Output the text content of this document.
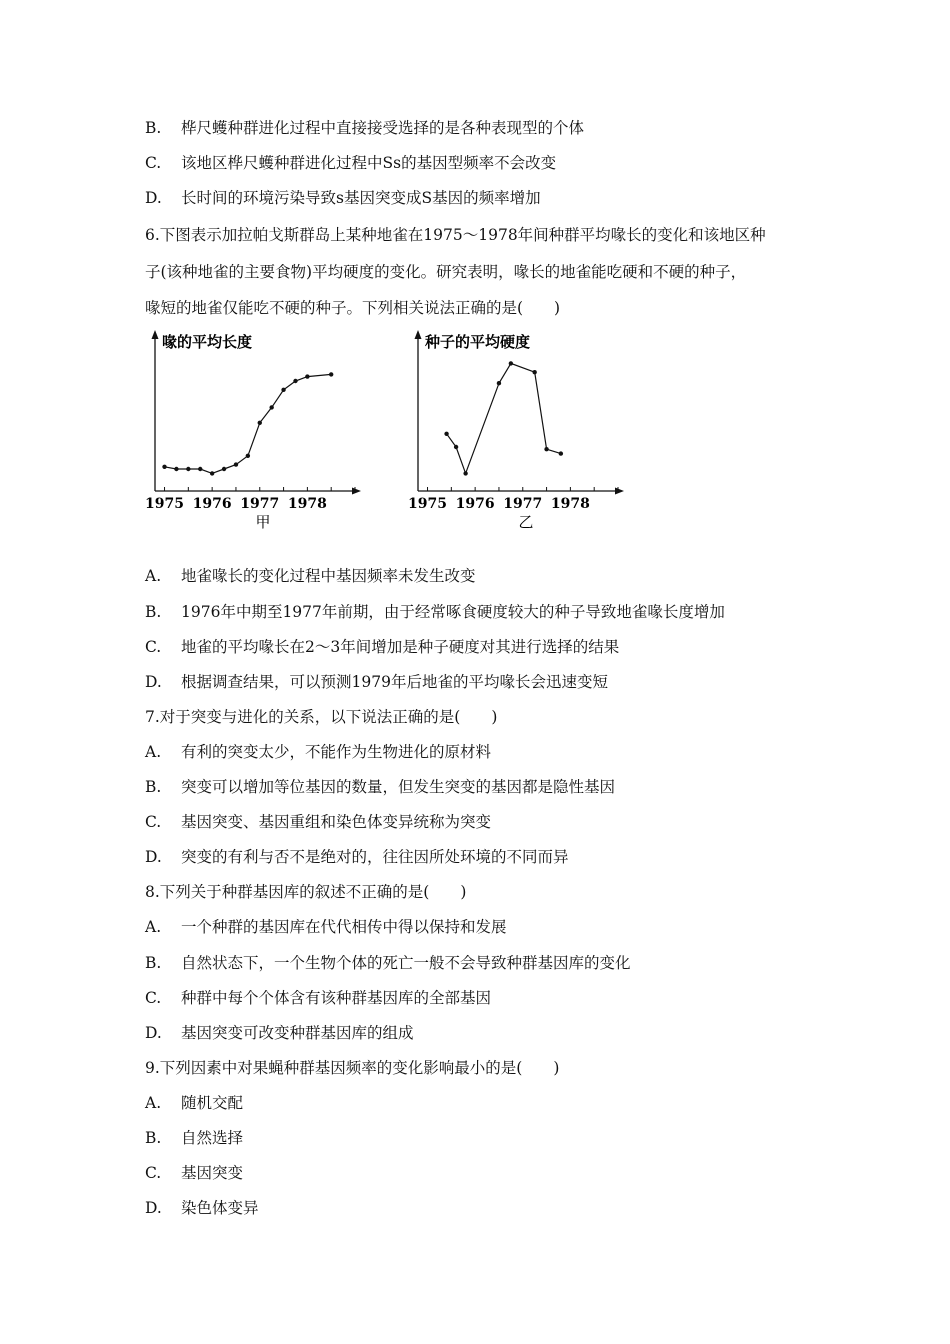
B. 桦尺蠖种群进化过程中直接接受选择的是各种表现型的个体
C. 该地区桦尺蠖种群进化过程中Ss的基因型频率不会改变
D. 长时间的环境污染导致s基因突变成S基因的频率增加
6.下图表示加拉帕戈斯群岛上某种地雀在1975～1978年间种群平均喙长的变化和该地区种
子(该种地雀的主要食物)平均硬度的变化。研究表明，喙长的地雀能吃硬和不硬的种子，
喙短的地雀仅能吃不硬的种子。下列相关说法正确的是(　　)
喙的平均长度
1975 1976 1977 1978
甲
种子的平均硬度
1975 1976 1977 1978
乙
A. 地雀喙长的变化过程中基因频率未发生改变
B. 1976年中期至1977年前期，由于经常啄食硬度较大的种子导致地雀喙长度增加
C. 地雀的平均喙长在2～3年间增加是种子硬度对其进行选择的结果
D. 根据调查结果，可以预测1979年后地雀的平均喙长会迅速变短
7.对于突变与进化的关系，以下说法正确的是(　　)
A. 有利的突变太少，不能作为生物进化的原材料
B. 突变可以增加等位基因的数量，但发生突变的基因都是隐性基因
C. 基因突变、基因重组和染色体变异统称为突变
D. 突变的有利与否不是绝对的，往往因所处环境的不同而异
8.下列关于种群基因库的叙述不正确的是(　　)
A. 一个种群的基因库在代代相传中得以保持和发展
B. 自然状态下，一个生物个体的死亡一般不会导致种群基因库的变化
C. 种群中每个个体含有该种群基因库的全部基因
D. 基因突变可改变种群基因库的组成
9.下列因素中对果蝇种群基因频率的变化影响最小的是(　　)
A. 随机交配
B. 自然选择
C. 基因突变
D. 染色体变异
